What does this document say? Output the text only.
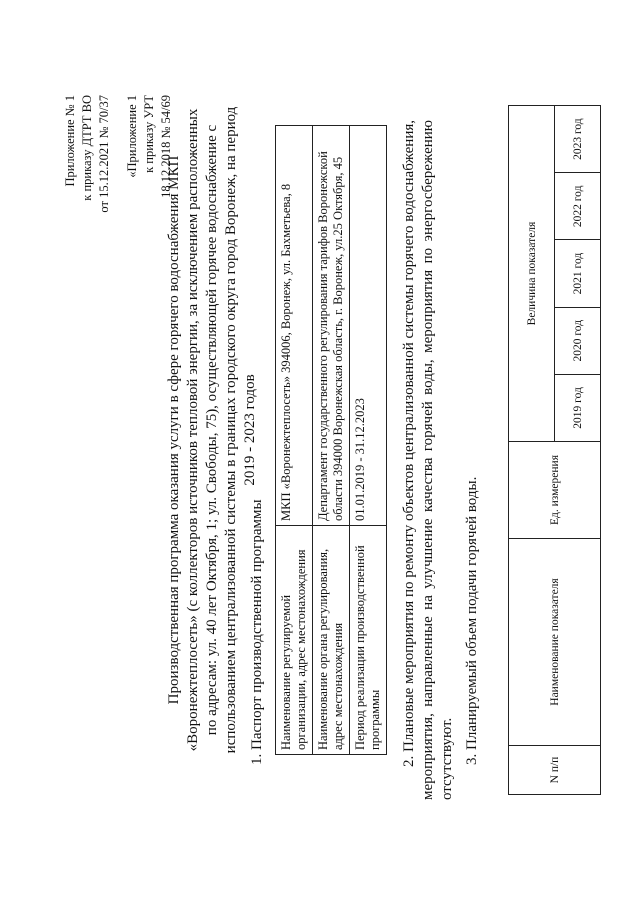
Приложение № 1 к приказу ДТРТ ВО от 15.12.2021 № 70/37 «Приложение 1 к приказу УРТ 18.12.2018 № 54/69
Производственная программа оказания услуги в сфере горячего водоснабжения МКП «Воронежтеплосеть» (с коллекторов источников тепловой энергии, за исключением расположенных по адресам: ул. 40 лет Октября, 1; ул. Свободы, 75), осуществляющей горячее водоснабжение с использованием централизованной системы в границах городского округа город Воронеж, на период 2019 - 2023 годов
1. Паспорт производственной программы Наименование регулируемой организации, адрес местонахождения	МКП «Воронежтеплосеть» 394006, Воронеж, ул. Бахметьева, 8
Наименование органа регулирования, адрес местонахождения	Департамент государственного регулирования тарифов Воронежской области 394000 Воронежская область, г. Воронеж, ул.25 Октября, 45
Период реализации производственной программы	01.01.2019 - 31.12.2023 2. Плановые мероприятия по ремонту объектов централизованной системы горячего водоснабжения, мероприятия, направленные на улучшение качества горячей воды, мероприятия по энергосбережению отсутствуют. 3. Планируемый объем подачи горячей воды.
N п/п	Наименование показателя	Ед. измерения	Величина показателя				
			2019 год	2020 год	2021 год	2022 год	2023 год
